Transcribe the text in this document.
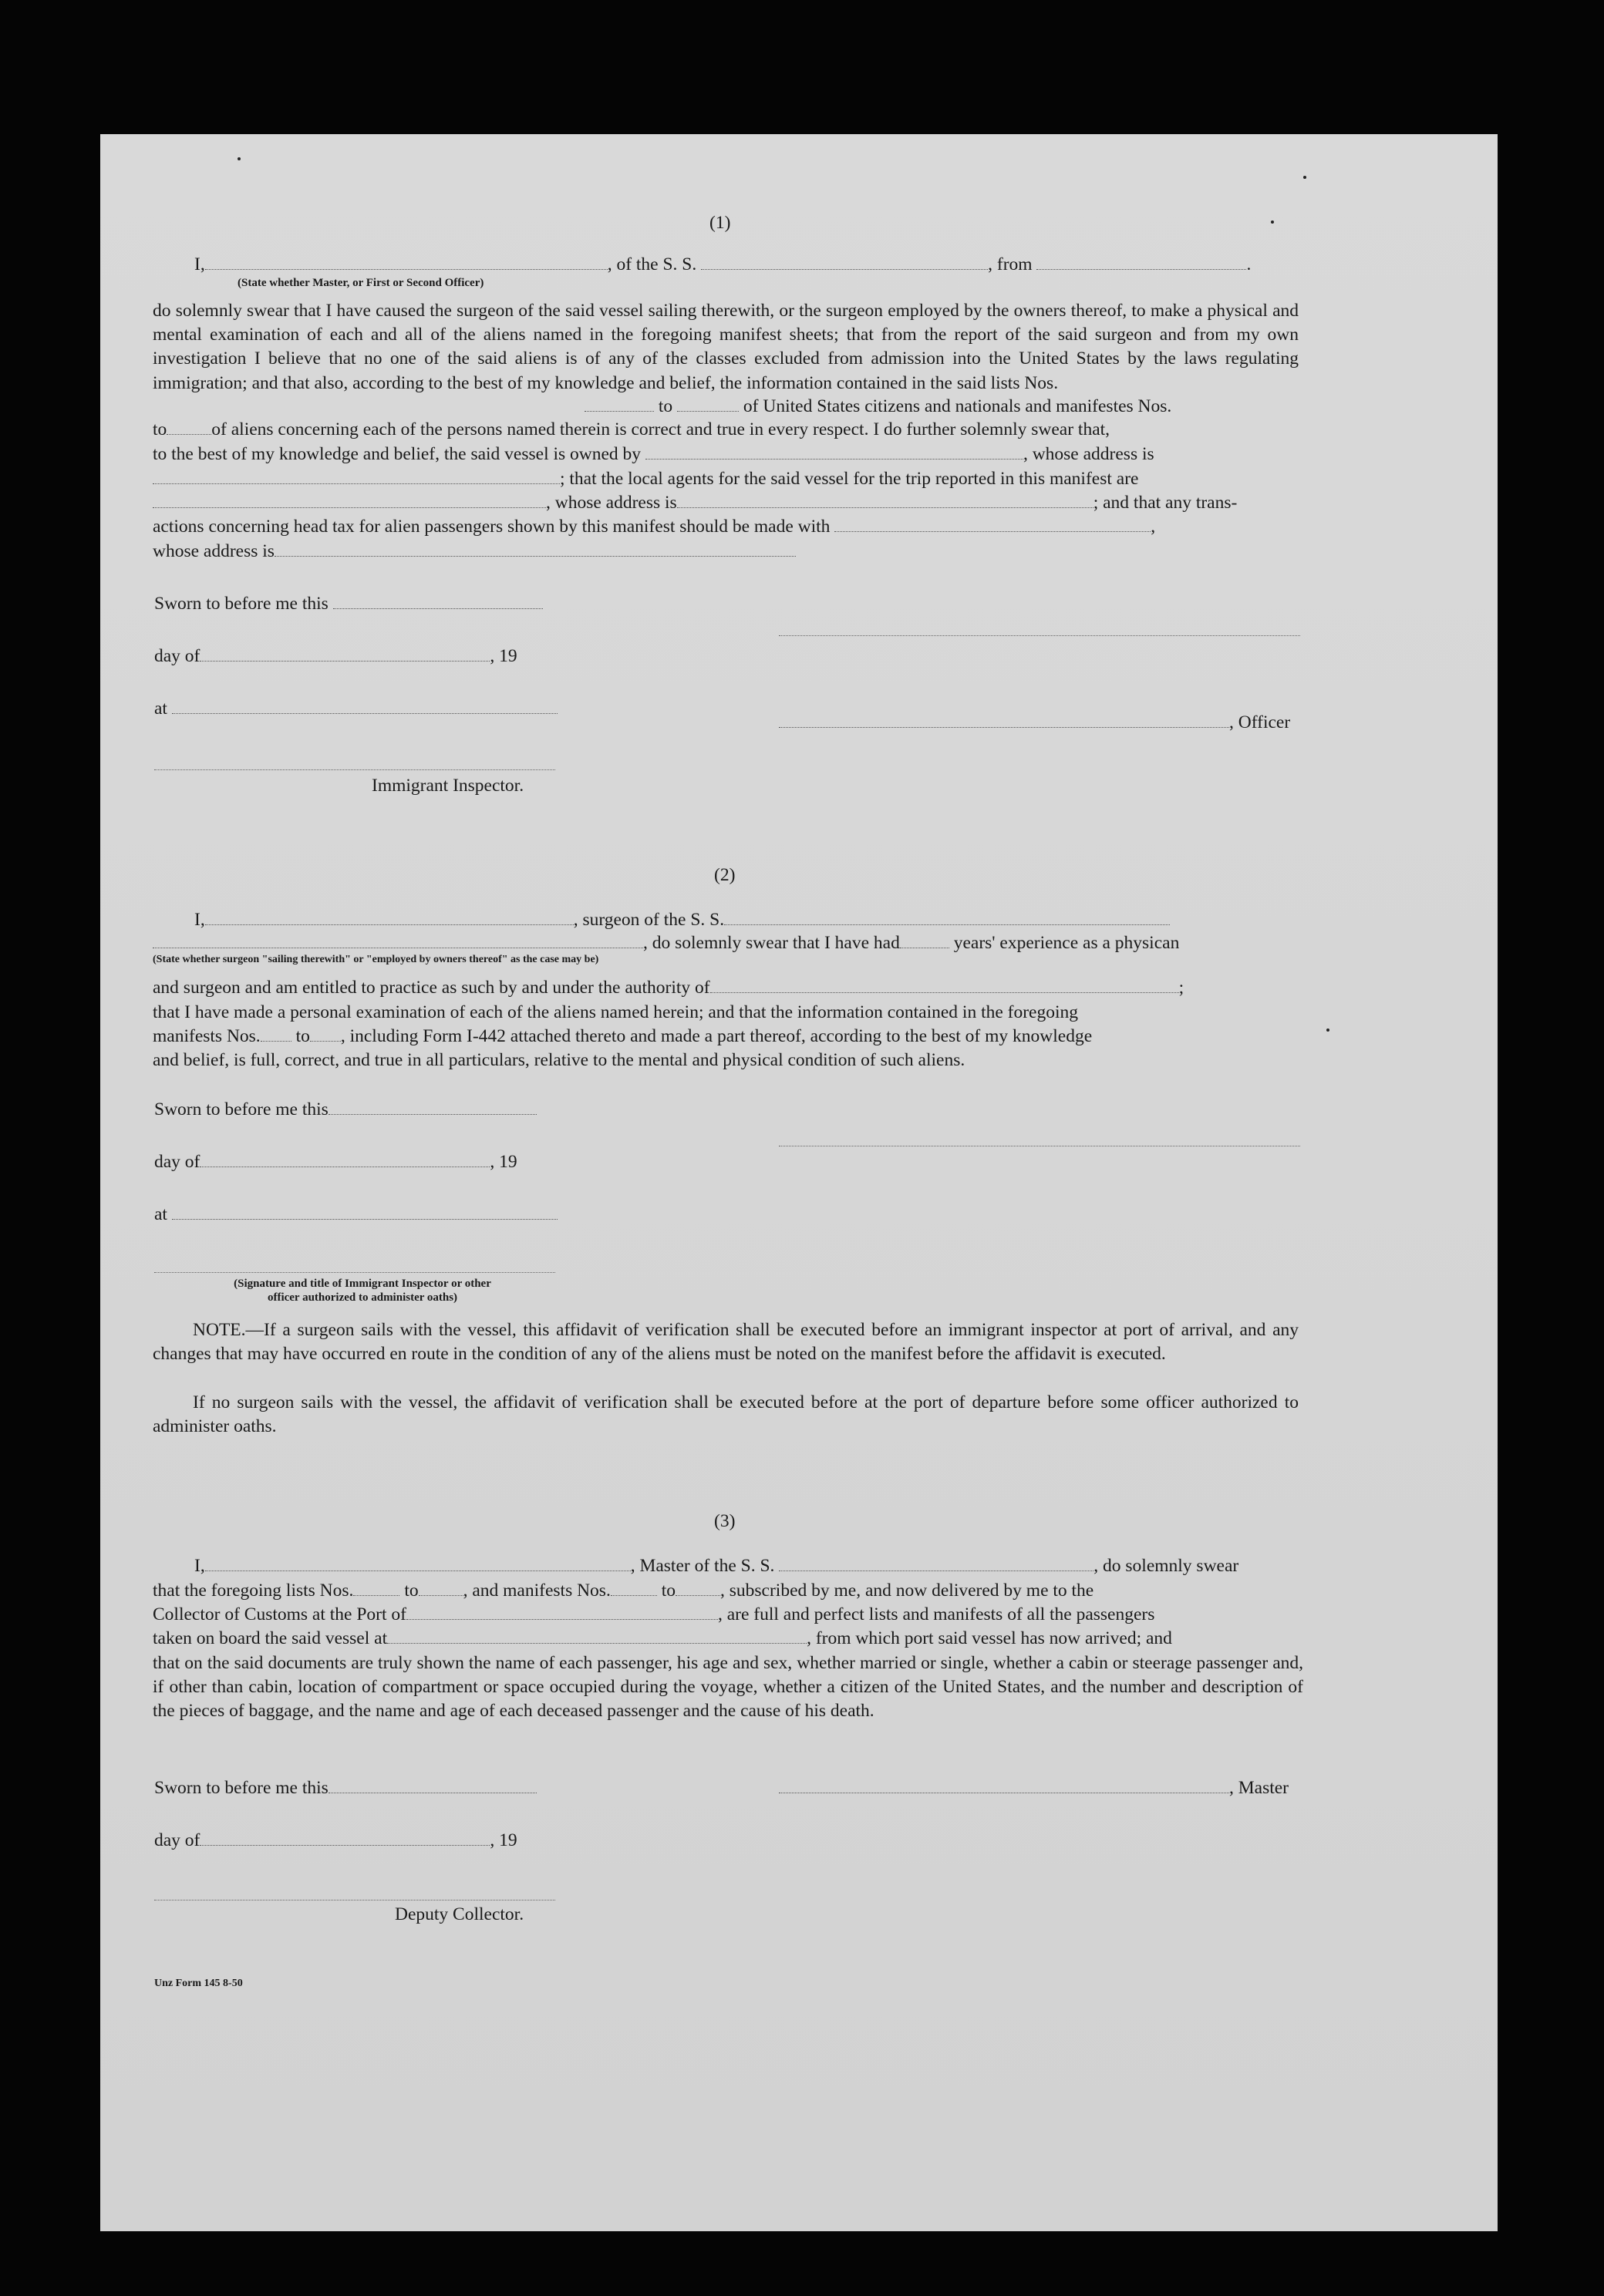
(1)
I,	, of the S. S.	, from	.
(State whether Master, or First or Second Officer)
do solemnly swear that I have caused the surgeon of the said vessel sailing therewith, or the surgeon employed by the owners thereof, to make a physical and mental examination of each and all of the aliens named in the foregoing manifest sheets; that from the report of the said surgeon and from my own investigation I believe that no one of the said aliens is of any of the classes excluded from admission into the United States by the laws regulating immigration; and that also, according to the best of my knowledge and belief, the information contained in the said lists Nos.
to	of United States citizens and nationals and manifestes Nos.
to of aliens concerning each of the persons named therein is correct and true in every respect. I do further solemnly swear that,
to the best of my knowledge and belief, the said vessel is owned by	, whose address is
; that the local agents for the said vessel for the trip reported in this manifest are
, whose address is	; and that any trans-
actions concerning head tax for alien passengers shown by this manifest should be made with	,
whose address is
Sworn to before me this
day of	, 19
at
, Officer
Immigrant Inspector.
(2)
I,	, surgeon of the S. S.
, do solemnly swear that I have had	years' experience as a physican
(State whether surgeon "sailing therewith" or "employed by owners thereof" as the case may be)
and surgeon and am entitled to practice as such by and under the authority of	;
that I have made a personal examination of each of the aliens named herein; and that the information contained in the foregoing
manifests Nos. to , including Form I-442 attached thereto and made a part thereof, according to the best of my knowledge
and belief, is full, correct, and true in all particulars, relative to the mental and physical condition of such aliens.
Sworn to before me this
day of	, 19
at
(Signature and title of Immigrant Inspector or other
officer authorized to administer oaths)
NOTE.—If a surgeon sails with the vessel, this affidavit of verification shall be executed before an immigrant inspector at port of arrival, and any changes that may have occurred en route in the condition of any of the aliens must be noted on the manifest before the affidavit is executed.
If no surgeon sails with the vessel, the affidavit of verification shall be executed before at the port of departure before some officer authorized to administer oaths.
(3)
I,	, Master of the S. S.	, do solemnly swear
that the foregoing lists Nos.	to , and manifests Nos.	to , subscribed by me, and now delivered by me to the
Collector of Customs at the Port of	, are full and perfect lists and manifests of all the passengers
taken on board the said vessel at	, from which port said vessel has now arrived; and
that on the said documents are truly shown the name of each passenger, his age and sex, whether married or single, whether a cabin or steerage passenger and, if other than cabin, location of compartment or space occupied during the voyage, whether a citizen of the United States, and the number and description of the pieces of baggage, and the name and age of each deceased passenger and the cause of his death.
Sworn to before me this	, Master
day of	, 19
Deputy Collector.
Unz Form 145 8-50
